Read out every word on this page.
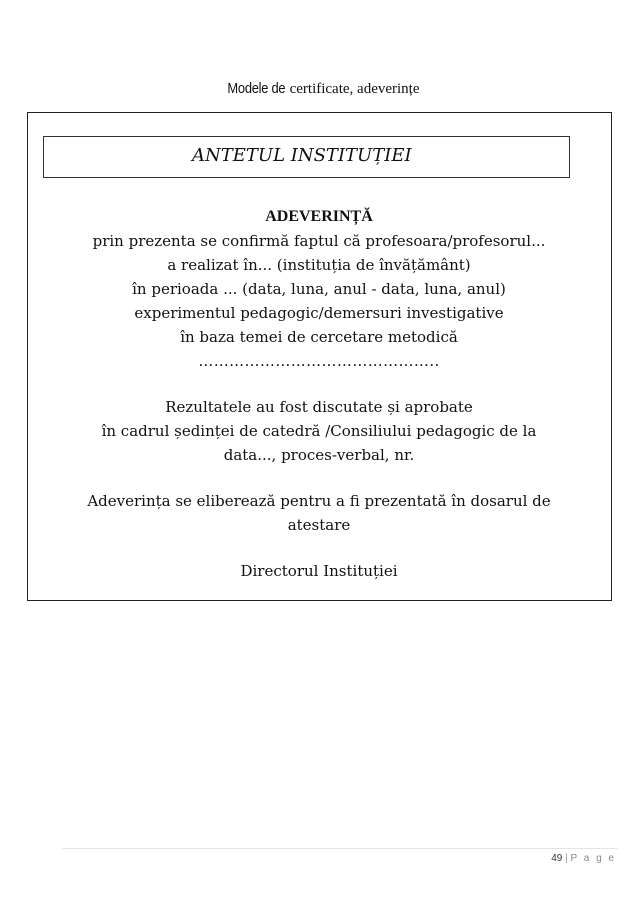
Modele de certificate, adeverințe
ANTETUL INSTITUȚIEI
ADEVERINȚĂ
prin prezenta se confirmă faptul că profesoara/profesorul...
a realizat în... (instituția de învățământ)
în perioada ... (data, luna, anul - data, luna, anul)
experimentul pedagogic/demersuri investigative
în baza temei de cercetare metodică
………………………………………..
Rezultatele au fost discutate și aprobate
în cadrul ședinței de catedră /Consiliului pedagogic de la
data..., proces-verbal, nr.
Adeverința se eliberează pentru a fi prezentată în dosarul de
atestare
Directorul Instituției
49 | P a g e
